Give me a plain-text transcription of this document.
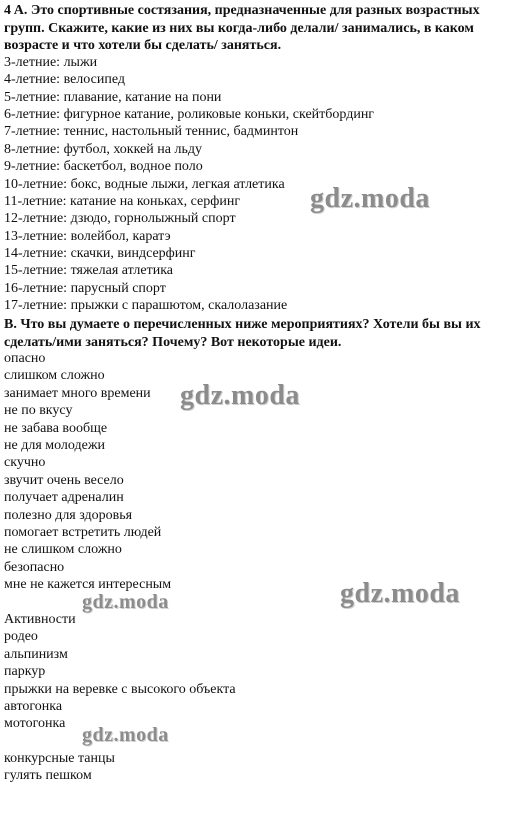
4 A. Это спортивные состязания, предназначенные для разных возрастных групп. Скажите, какие из них вы когда-либо делали/ занимались, в каком возрасте и что хотели бы сделать/ заняться.

3-летние: лыжи
4-летние: велосипед
5-летние: плавание, катание на пони
6-летние: фигурное катание, роликовые коньки, скейтбординг
7-летние: теннис, настольный теннис, бадминтон
8-летние: футбол, хоккей на льду
9-летние: баскетбол, водное поло
10-летние: бокс, водные лыжи, легкая атлетика
11-летние: катание на коньках, серфинг
12-летние: дзюдо, горнолыжный спорт
13-летние: волейбол, каратэ
14-летние: скачки, виндсерфинг
15-летние: тяжелая атлетика
16-летние: парусный спорт
17-летние: прыжки с парашютом, скалолазание

B. Что вы думаете о перечисленных ниже мероприятиях? Хотели бы вы их сделать/ими заняться? Почему? Вот некоторые идеи.

опасно
слишком сложно
занимает много времени
не по вкусу
не забава вообще
не для молодежи
скучно
звучит очень весело
получает адреналин
полезно для здоровья
помогает встретить людей
не слишком сложно
безопасно
мне не кажется интересным
Активности
родео
альпинизм
паркур
прыжки на веревке с высокого объекта
автогонка
мотогонка
конкурсные танцы
гулять пешком
gdz.moda
gdz.moda
gdz.moda
gdz.moda
gdz.moda
